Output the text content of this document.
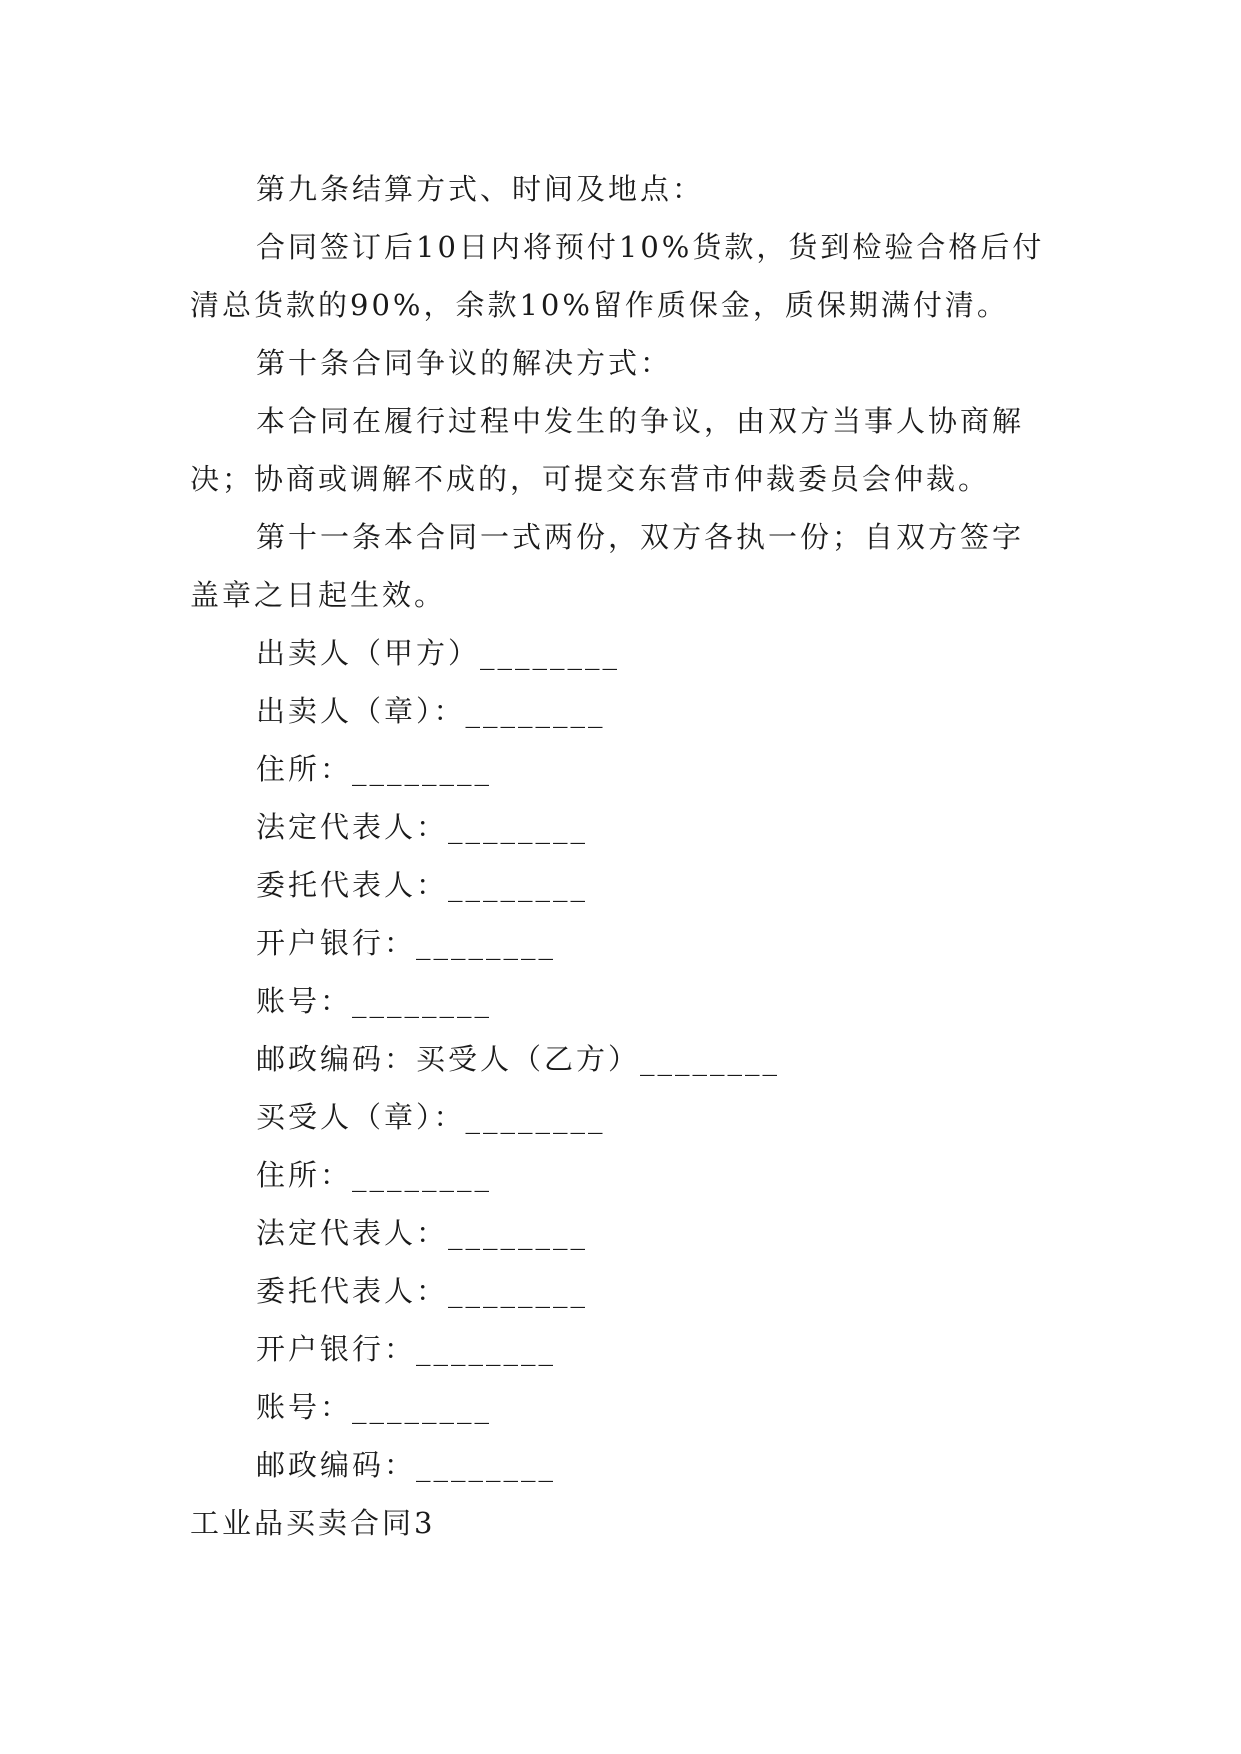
第九条结算方式、时间及地点：

合同签订后10日内将预付10%货款，货到检验合格后付清总货款的90%，余款10%留作质保金，质保期满付清。

第十条合同争议的解决方式：

本合同在履行过程中发生的争议，由双方当事人协商解决；协商或调解不成的，可提交东营市仲裁委员会仲裁。

第十一条本合同一式两份，双方各执一份；自双方签字盖章之日起生效。

出卖人（甲方）________

出卖人（章）：________

住所：________

法定代表人：________

委托代表人：________

开户银行：________

账号：________

邮政编码：买受人（乙方）________

买受人（章）：________

住所：________

法定代表人：________

委托代表人：________

开户银行：________

账号：________

邮政编码：________

工业品买卖合同3
